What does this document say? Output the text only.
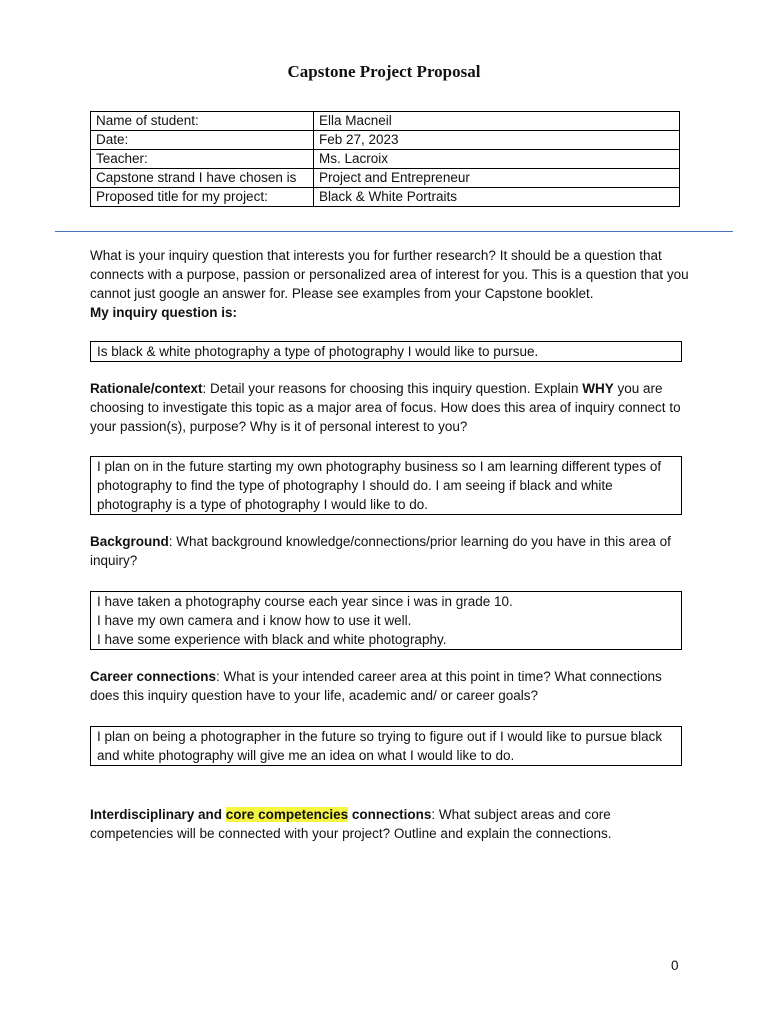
Capstone Project Proposal
Name of student:	Ella Macneil
Date:	Feb 27, 2023
Teacher:	Ms. Lacroix
Capstone strand I have chosen is	Project and Entrepreneur
Proposed title for my project:	Black & White Portraits
What is your inquiry question that interests you for further research? It should be a question that connects with a purpose, passion or personalized area of interest for you. This is a question that you cannot just google an answer for. Please see examples from your Capstone booklet.
My inquiry question is:
Is black & white photography a type of photography I would like to pursue.
Rationale/context: Detail your reasons for choosing this inquiry question. Explain WHY you are choosing to investigate this topic as a major area of focus. How does this area of inquiry connect to your passion(s), purpose? Why is it of personal interest to you?
I plan on in the future starting my own photography business so I am learning different types of photography to find the type of photography I should do. I am seeing if black and white photography is a type of photography I would like to do.
Background: What background knowledge/connections/prior learning do you have in this area of inquiry?
I have taken a photography course each year since i was in grade 10.
I have my own camera and i know how to use it well.
I have some experience with black and white photography.
Career connections: What is your intended career area at this point in time? What connections does this inquiry question have to your life, academic and/ or career goals?
I plan on being a photographer in the future so trying to figure out if I would like to pursue black and white photography will give me an idea on what I would like to do.
Interdisciplinary and core competencies connections: What subject areas and core competencies will be connected with your project? Outline and explain the connections.
0
